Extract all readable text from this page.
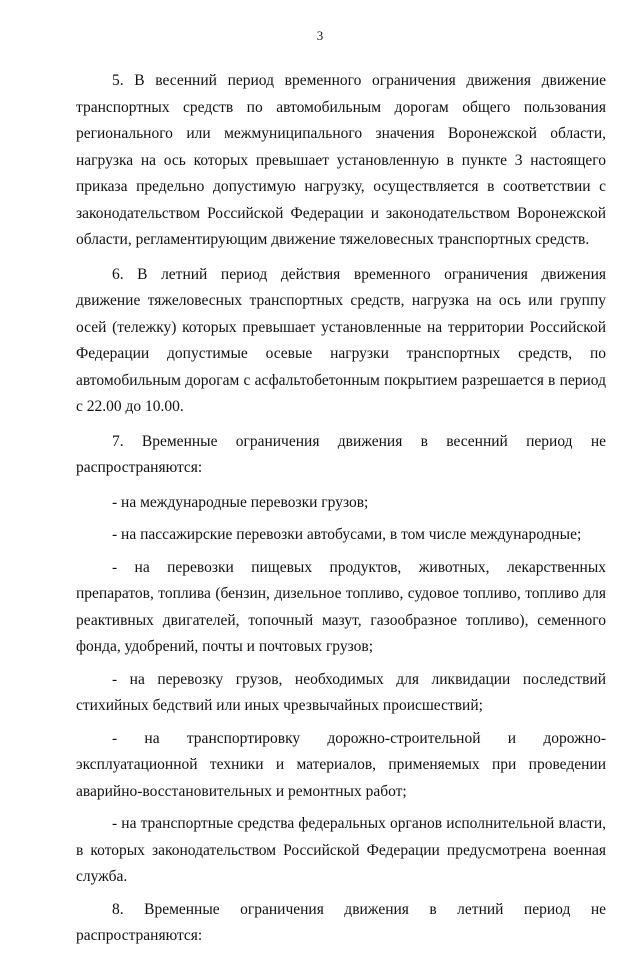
3

5. В весенний период временного ограничения движения движение транспортных средств по автомобильным дорогам общего пользования регионального или межмуниципального значения Воронежской области, нагрузка на ось которых превышает установленную в пункте 3 настоящего приказа предельно допустимую нагрузку, осуществляется в соответствии с законодательством Российской Федерации и законодательством Воронежской области, регламентирующим движение тяжеловесных транспортных средств.

6. В летний период действия временного ограничения движения движение тяжеловесных транспортных средств, нагрузка на ось или группу осей (тележку) которых превышает установленные на территории Российской Федерации допустимые осевые нагрузки транспортных средств, по автомобильным дорогам с асфальтобетонным покрытием разрешается в период с 22.00 до 10.00.

7. Временные ограничения движения в весенний период не распространяются:

- на международные перевозки грузов;

- на пассажирские перевозки автобусами, в том числе международные;

- на перевозки пищевых продуктов, животных, лекарственных препаратов, топлива (бензин, дизельное топливо, судовое топливо, топливо для реактивных двигателей, топочный мазут, газообразное топливо), семенного фонда, удобрений, почты и почтовых грузов;

- на перевозку грузов, необходимых для ликвидации последствий стихийных бедствий или иных чрезвычайных происшествий;

- на транспортировку дорожно-строительной и дорожно-эксплуатационной техники и материалов, применяемых при проведении аварийно-восстановительных и ремонтных работ;

- на транспортные средства федеральных органов исполнительной власти, в которых законодательством Российской Федерации предусмотрена военная служба.

8. Временные ограничения движения в летний период не распространяются:
